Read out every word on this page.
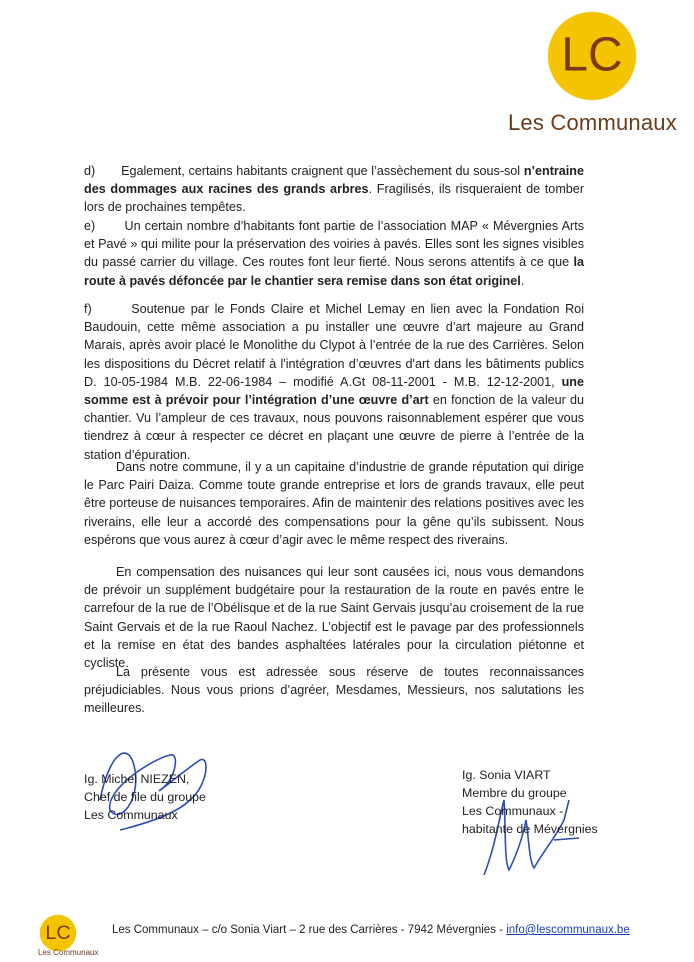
LC
Les Communaux
d)       Egalement, certains habitants craignent que l’assèchement du sous-sol n’entraine des dommages aux racines des grands arbres. Fragilisés, ils risqueraient de tomber lors de prochaines tempêtes.
e)       Un certain nombre d’habitants font partie de l’association MAP « Mévergnies Arts et Pavé » qui milite pour la préservation des voiries à pavés. Elles sont les signes visibles du passé carrier du village. Ces routes font leur fierté. Nous serons attentifs à ce que la route à pavés défoncée par le chantier sera remise dans son état originel.
f)       Soutenue par le Fonds Claire et Michel Lemay en lien avec la Fondation Roi Baudouin, cette même association a pu installer une œuvre d’art majeure au Grand Marais, après avoir placé le Monolithe du Clypot à l’entrée de la rue des Carrières. Selon les dispositions du Décret relatif à l'intégration d’œuvres d'art dans les bâtiments publics D. 10-05-1984 M.B. 22-06-1984 – modifié A.Gt 08-11-2001 - M.B. 12-12-2001, une somme est à prévoir pour l’intégration d’une œuvre d’art en fonction de la valeur du chantier. Vu l’ampleur de ces travaux, nous pouvons raisonnablement espérer que vous tiendrez à cœur à respecter ce décret en plaçant une œuvre de pierre à l’entrée de la station d’épuration.
Dans notre commune, il y a un capitaine d’industrie de grande réputation qui dirige le Parc Pairi Daiza. Comme toute grande entreprise et lors de grands travaux, elle peut être porteuse de nuisances temporaires. Afin de maintenir des relations positives avec les riverains, elle leur a accordé des compensations pour la gêne qu’ils subissent. Nous espérons que vous aurez à cœur d’agir avec le même respect des riverains.
En compensation des nuisances qui leur sont causées ici, nous vous demandons de prévoir un supplément budgétaire pour la restauration de la route en pavés entre le carrefour de la rue de l’Obélisque et de la rue Saint Gervais jusqu’au croisement de la rue Saint Gervais et de la rue Raoul Nachez. L’objectif est le pavage par des professionnels et la remise en état des bandes asphaltées latérales pour la circulation piétonne et cycliste.
La présente vous est adressée sous réserve de toutes reconnaissances préjudiciables. Nous vous prions d’agréer, Mesdames, Messieurs, nos salutations les meilleures.
Ig. Michel NIEZEN,
Chef de file du groupe
Les Communaux
Ig. Sonia VIART
Membre du groupe
Les Communaux -
habitante de Mévergnies
LC
Les Communaux
Les Communaux – c/o Sonia Viart – 2 rue des Carrières - 7942 Mévergnies - info@lescommunaux.be
